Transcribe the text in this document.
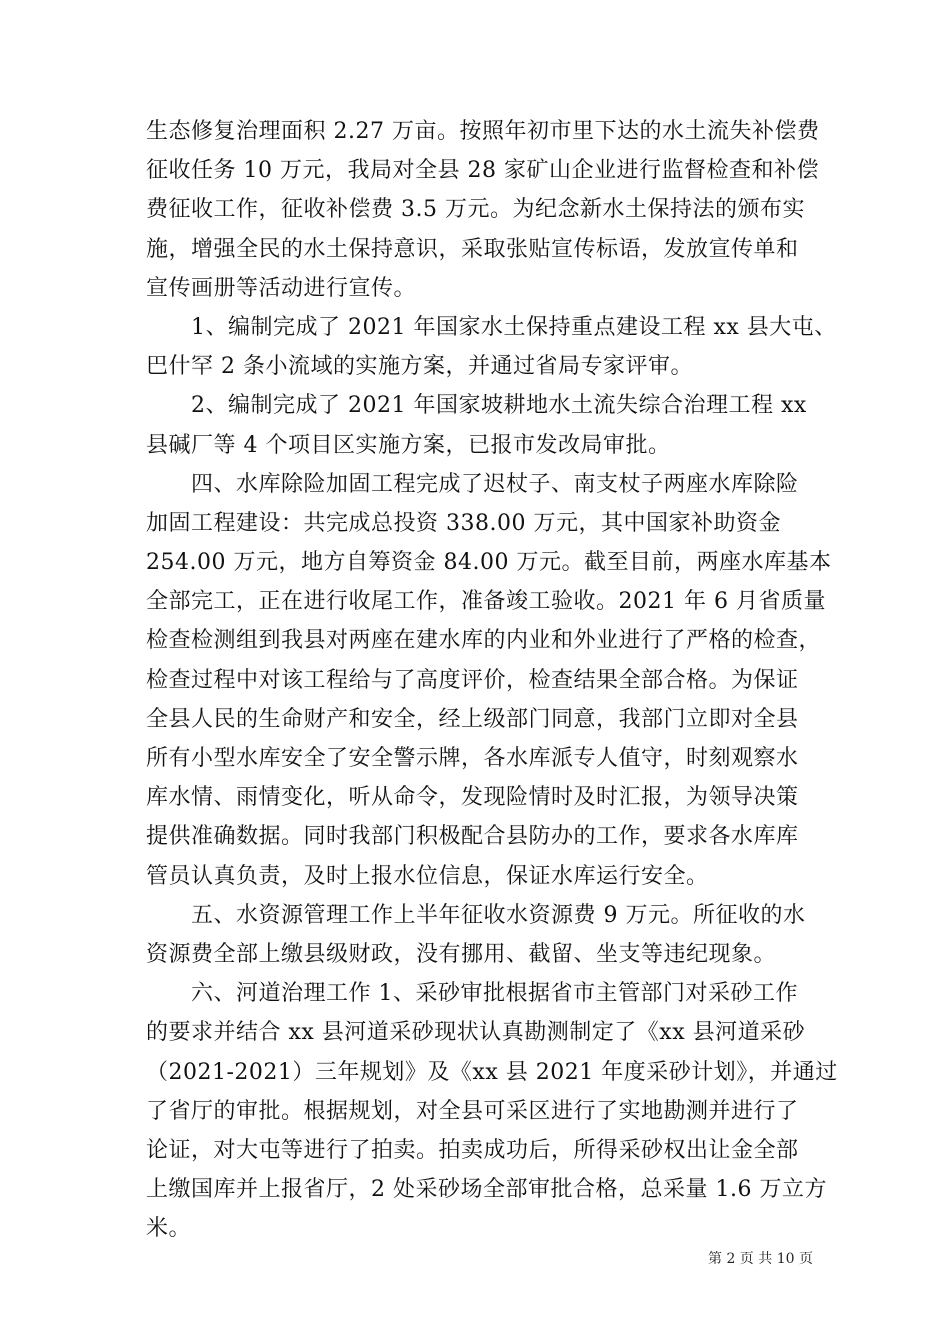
生态修复治理面积 2.27 万亩。按照年初市里下达的水土流失补偿费
征收任务 10 万元，我局对全县 28 家矿山企业进行监督检查和补偿
费征收工作，征收补偿费 3.5 万元。为纪念新水土保持法的颁布实
施，增强全民的水土保持意识，采取张贴宣传标语，发放宣传单和
宣传画册等活动进行宣传。
　　1、编制完成了 2021 年国家水土保持重点建设工程 xx 县大屯、
巴什罕 2 条小流域的实施方案，并通过省局专家评审。
　　2、编制完成了 2021 年国家坡耕地水土流失综合治理工程 xx
县碱厂等 4 个项目区实施方案，已报市发改局审批。
　　四、水库除险加固工程完成了迟杖子、南支杖子两座水库除险
加固工程建设：共完成总投资 338.00 万元，其中国家补助资金
254.00 万元，地方自筹资金 84.00 万元。截至目前，两座水库基本
全部完工，正在进行收尾工作，准备竣工验收。2021 年 6 月省质量
检查检测组到我县对两座在建水库的内业和外业进行了严格的检查，
检查过程中对该工程给与了高度评价，检查结果全部合格。为保证
全县人民的生命财产和安全，经上级部门同意，我部门立即对全县
所有小型水库安全了安全警示牌，各水库派专人值守，时刻观察水
库水情、雨情变化，听从命令，发现险情时及时汇报，为领导决策
提供准确数据。同时我部门积极配合县防办的工作，要求各水库库
管员认真负责，及时上报水位信息，保证水库运行安全。
　　五、水资源管理工作上半年征收水资源费 9 万元。所征收的水
资源费全部上缴县级财政，没有挪用、截留、坐支等违纪现象。
　　六、河道治理工作 1、采砂审批根据省市主管部门对采砂工作
的要求并结合 xx 县河道采砂现状认真勘测制定了《xx 县河道采砂
（2021-2021）三年规划》及《xx 县 2021 年度采砂计划》，并通过
了省厅的审批。根据规划，对全县可采区进行了实地勘测并进行了
论证，对大屯等进行了拍卖。拍卖成功后，所得采砂权出让金全部
上缴国库并上报省厅，2 处采砂场全部审批合格，总采量 1.6 万立方
米。
第 2 页 共 10 页
